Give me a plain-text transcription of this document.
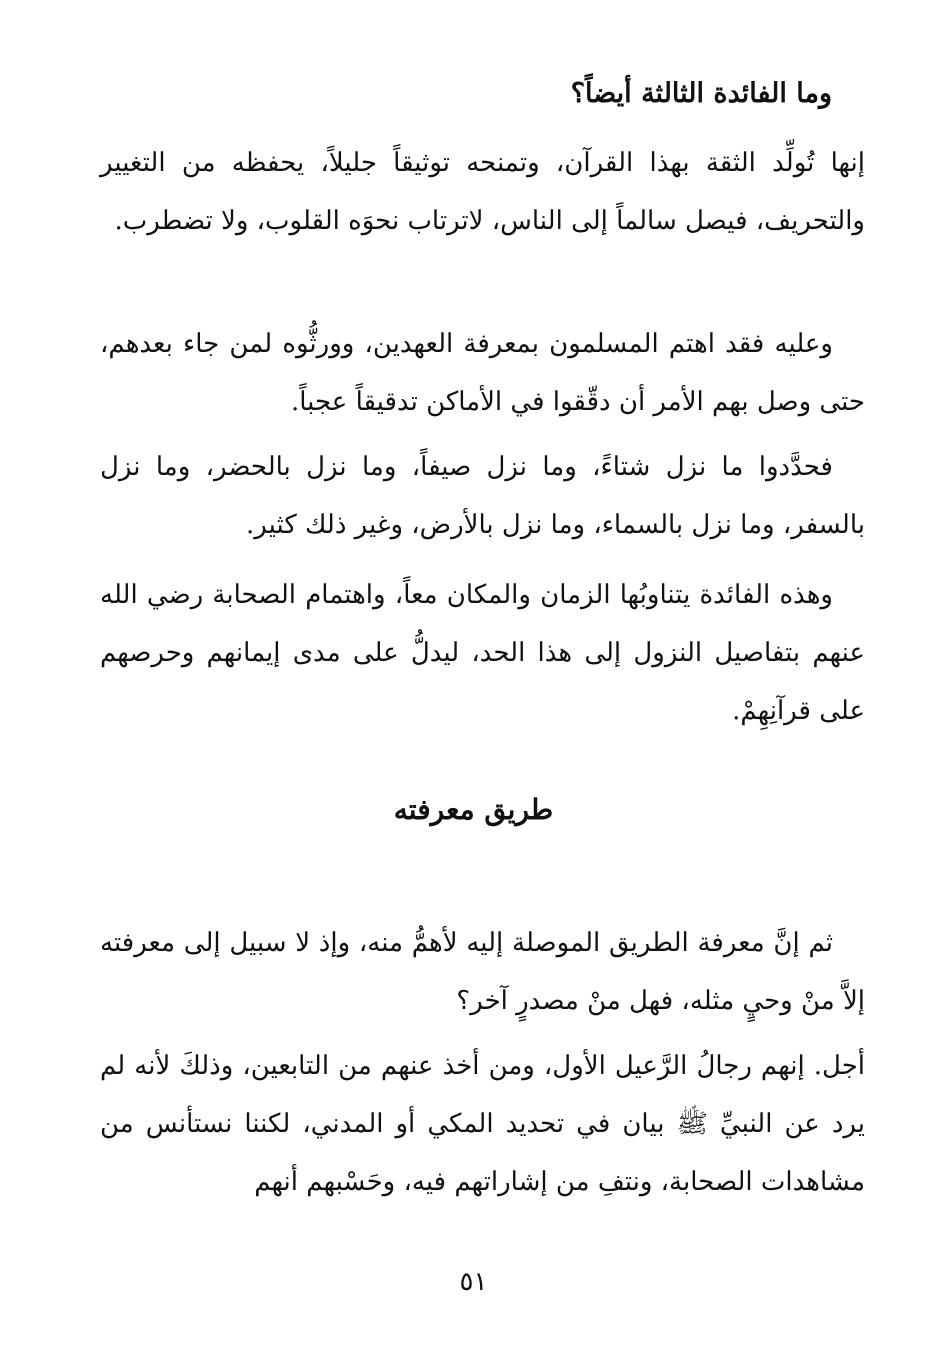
وما الفائدة الثالثة أيضاً؟

إنها تُولِّد الثقة بهذا القرآن، وتمنحه توثيقاً جليلاً، يحفظه من التغيير والتحريف، فيصل سالماً إلى الناس، لاترتاب نحوَه القلوب، ولا تضطرب.

وعليه فقد اهتم المسلمون بمعرفة العهدين، وورثُّوه لمن جاء بعدهم، حتى وصل بهم الأمر أن دقّقوا في الأماكن تدقيقاً عجباً.

فحدَّدوا ما نزل شتاءً، وما نزل صيفاً، وما نزل بالحضر، وما نزل بالسفر، وما نزل بالسماء، وما نزل بالأرض، وغير ذلك كثير.

وهذه الفائدة يتناوبُها الزمان والمكان معاً، واهتمام الصحابة رضي الله عنهم بتفاصيل النزول إلى هذا الحد، ليدلُّ على مدى إيمانهم وحرصهم على قرآنِهِمْ.

طريق معرفته

ثم إنَّ معرفة الطريق الموصلة إليه لأهمُّ منه، وإذ لا سبيل إلى معرفته إلاَّ منْ وحيٍ مثله، فهل منْ مصدرٍ آخر؟

أجل. إنهم رجالُ الرَّعيل الأول، ومن أخذ عنهم من التابعين، وذلكَ لأنه لم يرد عن النبيِّ ﷺ بيان في تحديد المكي أو المدني، لكننا نستأنس من مشاهدات الصحابة، ونتفِ من إشاراتهم فيه، وحَسْبهم أنهم

٥١
